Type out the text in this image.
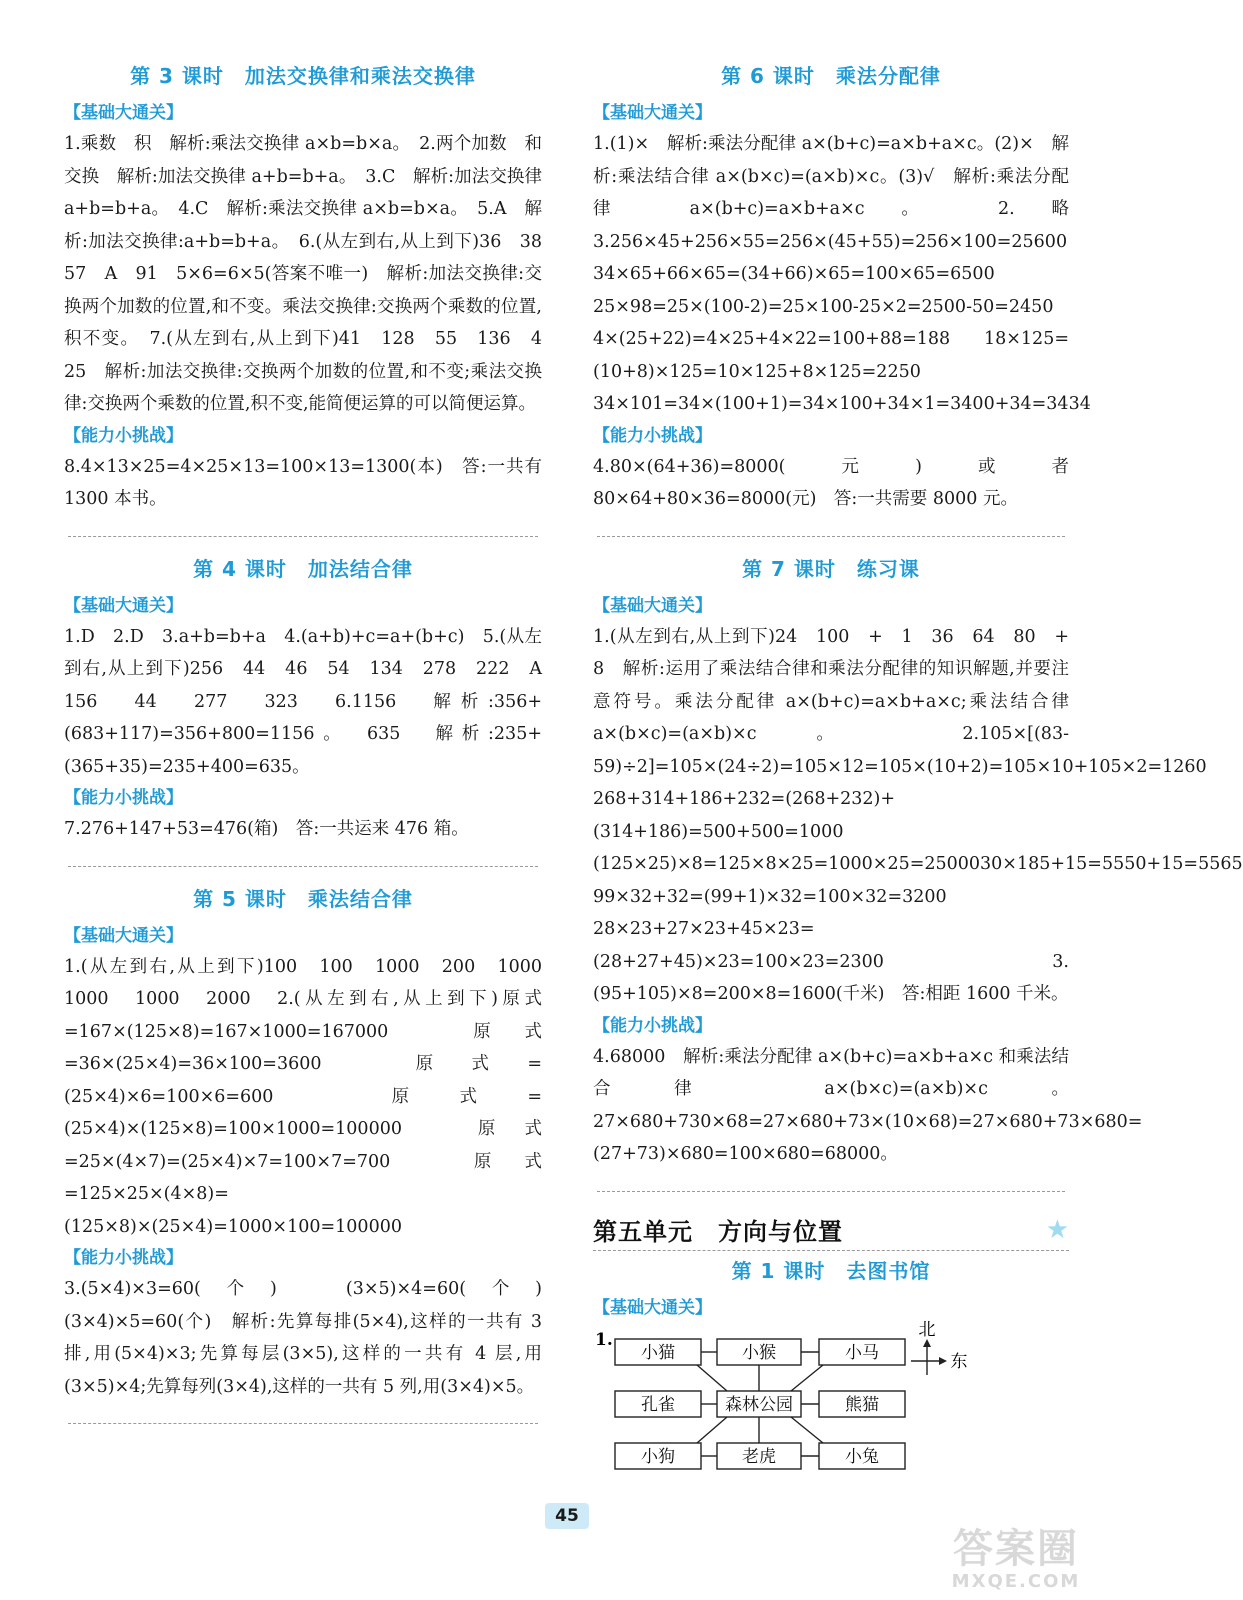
第 3 课时　加法交换律和乘法交换律
【基础大通关】
1.乘数　积　解析:乘法交换律 a×b=b×a。　2.两个加数　和　交换　解析:加法交换律 a+b=b+a。　3.C　解析:加法交换律 a+b=b+a。　4.C　解析:乘法交换律 a×b=b×a。　5.A　解析:加法交换律:a+b=b+a。　6.(从左到右,从上到下)36　38　57　A　91　5×6=6×5(答案不唯一)　解析:加法交换律:交换两个加数的位置,和不变。乘法交换律:交换两个乘数的位置,积不变。　7.(从左到右,从上到下)41　128　55　136　4　25　解析:加法交换律:交换两个加数的位置,和不变;乘法交换律:交换两个乘数的位置,积不变,能简便运算的可以简便运算。
【能力小挑战】
8.4×13×25=4×25×13=100×13=1300(本)　答:一共有 1300 本书。
第 4 课时　加法结合律
【基础大通关】
1.D　2.D　3.a+b=b+a　4.(a+b)+c=a+(b+c)　5.(从左到右,从上到下)256　44　46　54　134　278　222　A　156　44　277　323　6.1156　解析:356+(683+117)=356+800=1156。　635　解析:235+(365+35)=235+400=635。
【能力小挑战】
7.276+147+53=476(箱)　答:一共运来 476 箱。
第 5 课时　乘法结合律
【基础大通关】
1.(从左到右,从上到下)100　100　1000　200　1000　1000　1000　2000　2.(从左到右,从上到下)原式=167×(125×8)=167×1000=167000　原式=36×(25×4)=36×100=3600　原式=(25×4)×6=100×6=600　原式=(25×4)×(125×8)=100×1000=100000　原式=25×(4×7)=(25×4)×7=100×7=700　原式=125×25×(4×8)=(125×8)×(25×4)=1000×100=100000
【能力小挑战】
3.(5×4)×3=60(个)　(3×5)×4=60(个)　(3×4)×5=60(个)　解析:先算每排(5×4),这样的一共有 3 排,用(5×4)×3;先算每层(3×5),这样的一共有 4 层,用(3×5)×4;先算每列(3×4),这样的一共有 5 列,用(3×4)×5。
第 6 课时　乘法分配律
【基础大通关】
1.(1)×　解析:乘法分配律 a×(b+c)=a×b+a×c。(2)×　解析:乘法结合律 a×(b×c)=(a×b)×c。(3)√　解析:乘法分配律 a×(b+c)=a×b+a×c。 2.略　3.256×45+256×55=256×(45+55)=256×100=25600　34×65+66×65=(34+66)×65=100×65=6500　25×98=25×(100-2)=25×100-25×2=2500-50=2450　4×(25+22)=4×25+4×22=100+88=188　18×125=(10+8)×125=10×125+8×125=2250　34×101=34×(100+1)=34×100+34×1=3400+34=3434
【能力小挑战】
4.80×(64+36)=8000(元)或者 80×64+80×36=8000(元)　答:一共需要 8000 元。
第 7 课时　练习课
【基础大通关】
1.(从左到右,从上到下)24　100　+　1　36　64　80　+　8　解析:运用了乘法结合律和乘法分配律的知识解题,并要注意符号。乘法分配律 a×(b+c)=a×b+a×c;乘法结合律 a×(b×c)=(a×b)×c。　2.105×[(83-59)÷2]=105×(24÷2)=105×12=105×(10+2)=105×10+105×2=1260　268+314+186+232=(268+232)+(314+186)=500+500=1000　(125×25)×8=125×8×25=1000×25=2500030×185+15=5550+15=5565　99×32+32=(99+1)×32=100×32=3200　28×23+27×23+45×23=(28+27+45)×23=100×23=2300　3.(95+105)×8=200×8=1600(千米)　答:相距 1600 千米。
【能力小挑战】
4.68000　解析:乘法分配律 a×(b+c)=a×b+a×c 和乘法结合律 a×(b×c)=(a×b)×c。27×680+730×68=27×680+73×(10×68)=27×680+73×680=(27+73)×680=100×680=68000。
第五单元　方向与位置	★
第 1 课时　去图书馆
【基础大通关】
1.
小猫	小猴	小马
孔雀	森林公园	熊猫
小狗	老虎	小兔
北
东
45
答案圈
MXQE.COM
